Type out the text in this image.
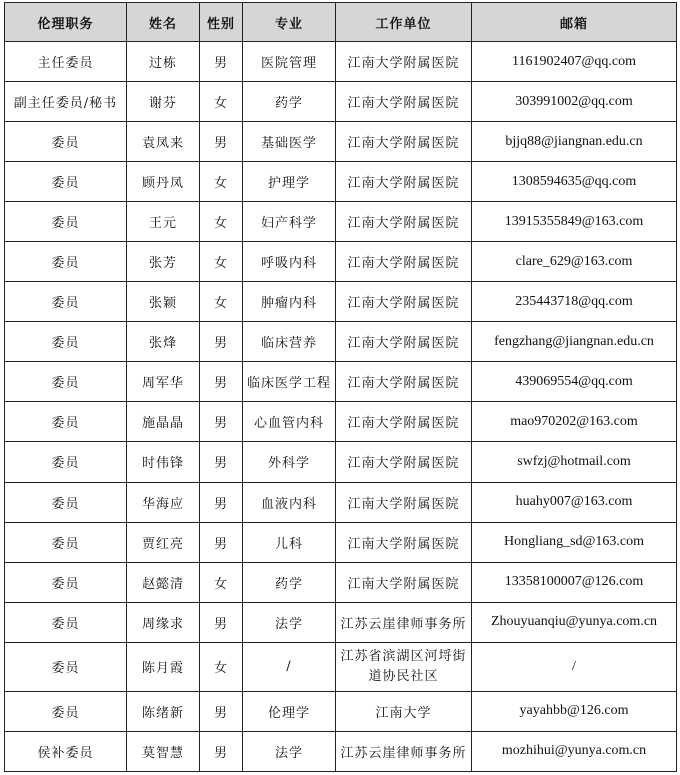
伦理职务	姓名	性别	专业	工作单位	邮箱
主任委员	过栋	男	医院管理	江南大学附属医院	1161902407@qq.com
副主任委员/秘书	谢芬	女	药学	江南大学附属医院	303991002@qq.com
委员	袁凤来	男	基础医学	江南大学附属医院	bjjq88@jiangnan.edu.cn
委员	顾丹凤	女	护理学	江南大学附属医院	1308594635@qq.com
委员	王元	女	妇产科学	江南大学附属医院	13915355849@163.com
委员	张芳	女	呼吸内科	江南大学附属医院	clare_629@163.com
委员	张颖	女	肿瘤内科	江南大学附属医院	235443718@qq.com
委员	张烽	男	临床营养	江南大学附属医院	fengzhang@jiangnan.edu.cn
委员	周军华	男	临床医学工程	江南大学附属医院	439069554@qq.com
委员	施晶晶	男	心血管内科	江南大学附属医院	mao970202@163.com
委员	时伟锋	男	外科学	江南大学附属医院	swfzj@hotmail.com
委员	华海应	男	血液内科	江南大学附属医院	huahy007@163.com
委员	贾红亮	男	儿科	江南大学附属医院	Hongliang_sd@163.com
委员	赵懿清	女	药学	江南大学附属医院	13358100007@126.com
委员	周缘求	男	法学	江苏云崖律师事务所	Zhouyuanqiu@yunya.com.cn
委员	陈月霞	女	/	江苏省滨湖区河埒街道协民社区	/
委员	陈绪新	男	伦理学	江南大学	yayahbb@126.com
侯补委员	莫智慧	男	法学	江苏云崖律师事务所	mozhihui@yunya.com.cn
